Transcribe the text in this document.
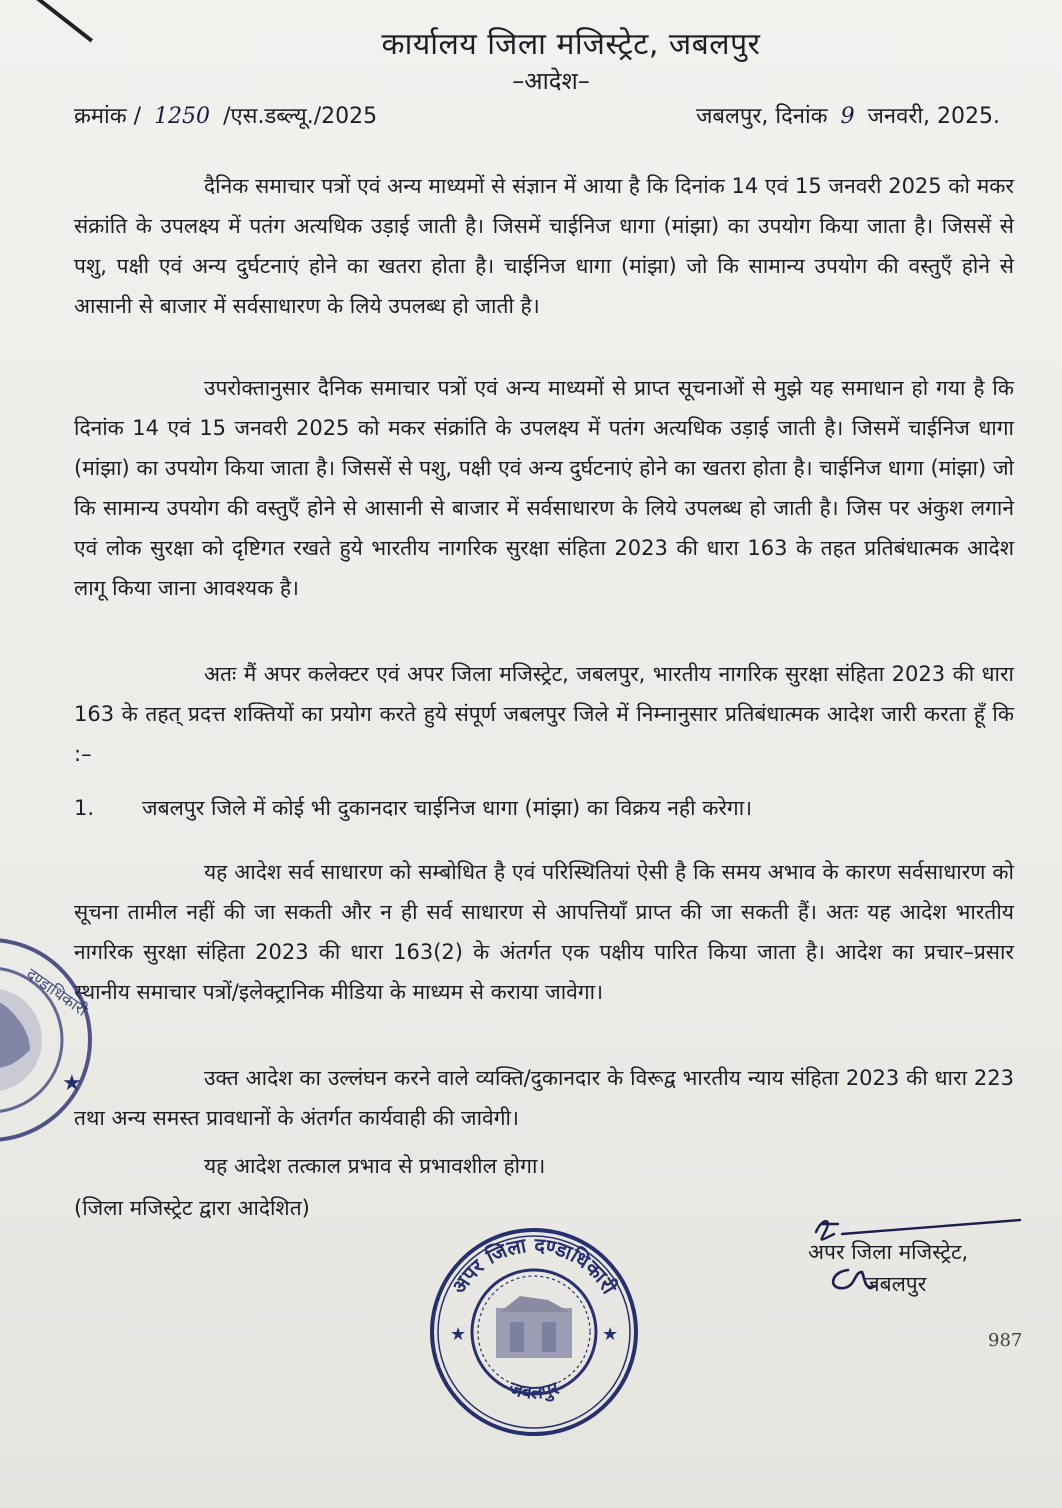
कार्यालय जिला मजिस्ट्रेट, जबलपुर
–आदेश–
क्रमांक / 1250 /एस.डब्ल्यू./2025	जबलपुर, दिनांक 9 जनवरी, 2025.

दैनिक समाचार पत्रों एवं अन्य माध्यमों से संज्ञान में आया है कि दिनांक 14 एवं 15 जनवरी 2025 को मकर संक्रांति के उपलक्ष्य में पतंग अत्यधिक उड़ाई जाती है। जिसमें चाईनिज धागा (मांझा) का उपयोग किया जाता है। जिससें से पशु, पक्षी एवं अन्य दुर्घटनाएं होने का खतरा होता है। चाईनिज धागा (मांझा) जो कि सामान्य उपयोग की वस्तुएँ होने से आसानी से बाजार में सर्वसाधारण के लिये उपलब्ध हो जाती है।

उपरोक्तानुसार दैनिक समाचार पत्रों एवं अन्य माध्यमों से प्राप्त सूचनाओं से मुझे यह समाधान हो गया है कि दिनांक 14 एवं 15 जनवरी 2025 को मकर संक्रांति के उपलक्ष्य में पतंग अत्यधिक उड़ाई जाती है। जिसमें चाईनिज धागा (मांझा) का उपयोग किया जाता है। जिससें से पशु, पक्षी एवं अन्य दुर्घटनाएं होने का खतरा होता है। चाईनिज धागा (मांझा) जो कि सामान्य उपयोग की वस्तुएँ होने से आसानी से बाजार में सर्वसाधारण के लिये उपलब्ध हो जाती है। जिस पर अंकुश लगाने एवं लोक सुरक्षा को दृष्टिगत रखते हुये भारतीय नागरिक सुरक्षा संहिता 2023 की धारा 163 के तहत प्रतिबंधात्मक आदेश लागू किया जाना आवश्यक है।

अतः मैं अपर कलेक्टर एवं अपर जिला मजिस्ट्रेट, जबलपुर, भारतीय नागरिक सुरक्षा संहिता 2023 की धारा 163 के तहत् प्रदत्त शक्तियों का प्रयोग करते हुये संपूर्ण जबलपुर जिले में निम्नानुसार प्रतिबंधात्मक आदेश जारी करता हूँ कि :–

1. जबलपुर जिले में कोई भी दुकानदार चाईनिज धागा (मांझा) का विक्रय नही करेगा।

यह आदेश सर्व साधारण को सम्बोधित है एवं परिस्थितियां ऐसी है कि समय अभाव के कारण सर्वसाधारण को सूचना तामील नहीं की जा सकती और न ही सर्व साधारण से आपत्तियॉं प्राप्त की जा सकती हैं। अतः यह आदेश भारतीय नागरिक सुरक्षा संहिता 2023 की धारा 163(2) के अंतर्गत एक पक्षीय पारित किया जाता है। आदेश का प्रचार–प्रसार स्थानीय समाचार पत्रों/इलेक्ट्रानिक मीडिया के माध्यम से कराया जावेगा।

उक्त आदेश का उल्लंघन करने वाले व्यक्ति/दुकानदार के विरूद्व भारतीय न्याय संहिता 2023 की धारा 223 तथा अन्य समस्त प्रावधानों के अंतर्गत कार्यवाही की जावेगी।

यह आदेश तत्काल प्रभाव से प्रभावशील होगा।
(जिला मजिस्ट्रेट द्वारा आदेशित)
अपर जिला मजिस्ट्रेट,
जबलपुर
987
★
दण्डाधिकारी
अपर जिला दण्डाधिकारी
जबलपुर
★	★
